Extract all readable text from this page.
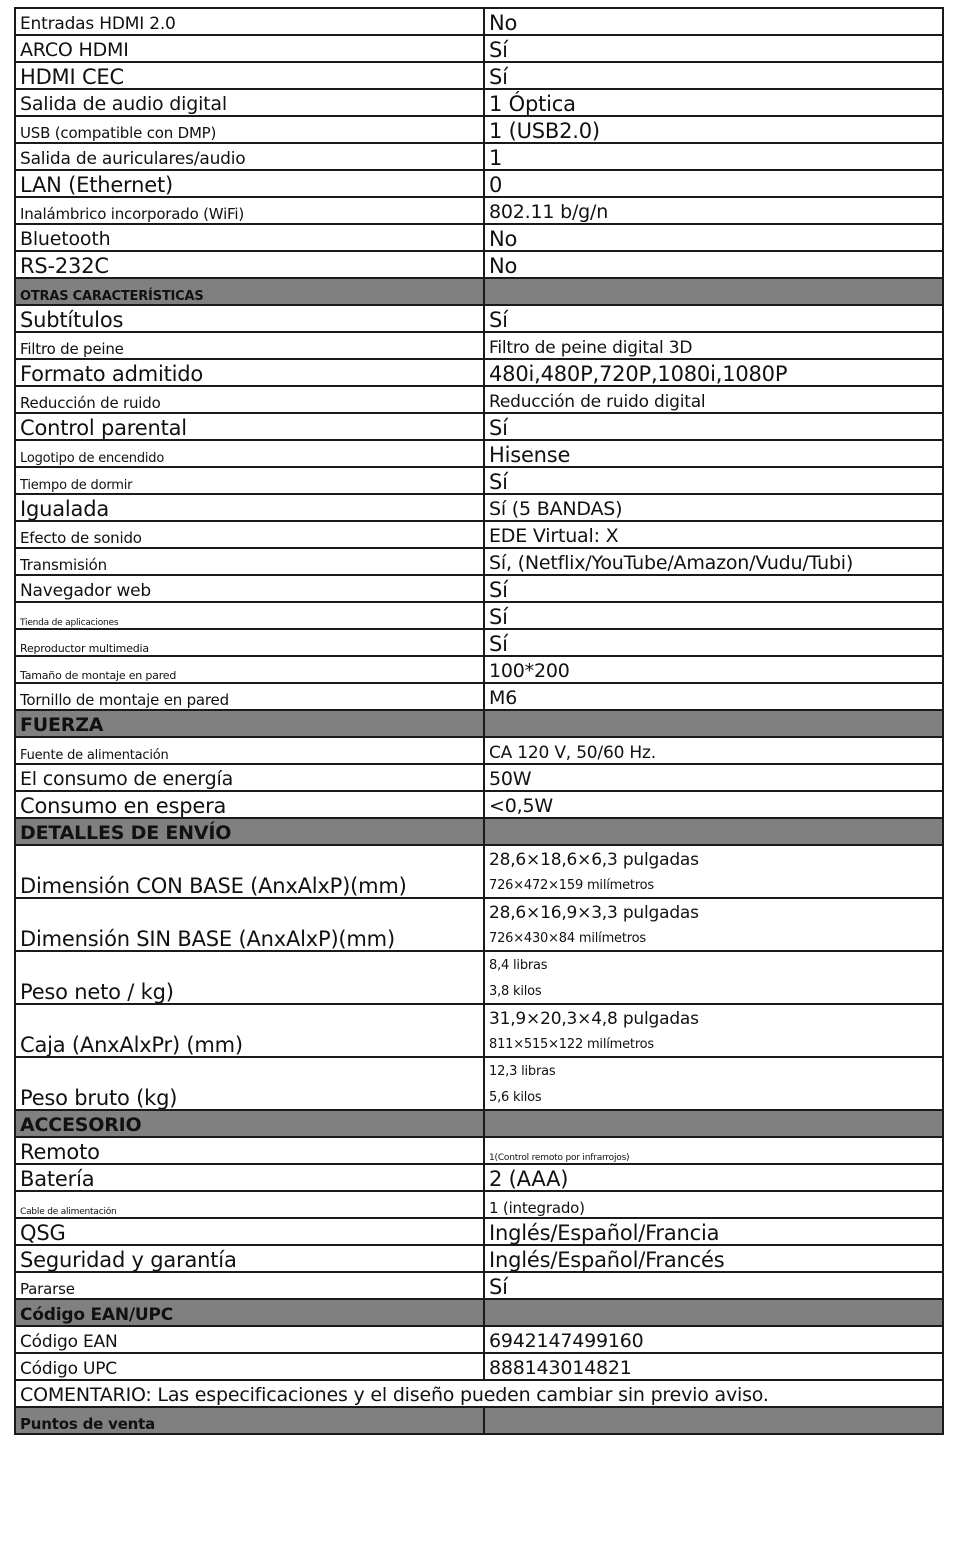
Entradas HDMI 2.0	No
ARCO HDMI	Sí
HDMI CEC	Sí
Salida de audio digital	1 Óptica
USB (compatible con DMP)	1 (USB2.0)
Salida de auriculares/audio	1
LAN (Ethernet)	0
Inalámbrico incorporado (WiFi)	802.11 b/g/n
Bluetooth	No
RS-232C	No
OTRAS CARACTERÍSTICAS	
Subtítulos	Sí
Filtro de peine	Filtro de peine digital 3D
Formato admitido	480i,480P,720P,1080i,1080P
Reducción de ruido	Reducción de ruido digital
Control parental	Sí
Logotipo de encendido	Hisense
Tiempo de dormir	Sí
Igualada	Sí (5 BANDAS)
Efecto de sonido	EDE Virtual: X
Transmisión	Sí, (Netflix/YouTube/Amazon/Vudu/Tubi)
Navegador web	Sí
Tienda de aplicaciones	Sí
Reproductor multimedia	Sí
Tamaño de montaje en pared	100*200
Tornillo de montaje en pared	M6
FUERZA	
Fuente de alimentación	CA 120 V, 50/60 Hz.
El consumo de energía	50W
Consumo en espera	<0,5W
DETALLES DE ENVÍO	
Dimensión CON BASE (AnxAlxP)(mm)	28,6×18,6×6,3 pulgadas
726×472×159 milímetros

Dimensión SIN BASE (AnxAlxP)(mm)	28,6×16,9×3,3 pulgadas
726×430×84 milímetros

Peso neto / kg)	8,4 libras
3,8 kilos

Caja (AnxAlxPr) (mm)	31,9×20,3×4,8 pulgadas
811×515×122 milímetros

Peso bruto (kg)	12,3 libras
5,6 kilos

ACCESORIO	
Remoto	1(Control remoto por infrarrojos)
Batería	2 (AAA)
Cable de alimentación	1 (integrado)
QSG	Inglés/Español/Francia
Seguridad y garantía	Inglés/Español/Francés
Pararse	Sí
Código EAN/UPC	
Código EAN	6942147499160
Código UPC	888143014821
COMENTARIO: Las especificaciones y el diseño pueden cambiar sin previo aviso.	
Puntos de venta	
